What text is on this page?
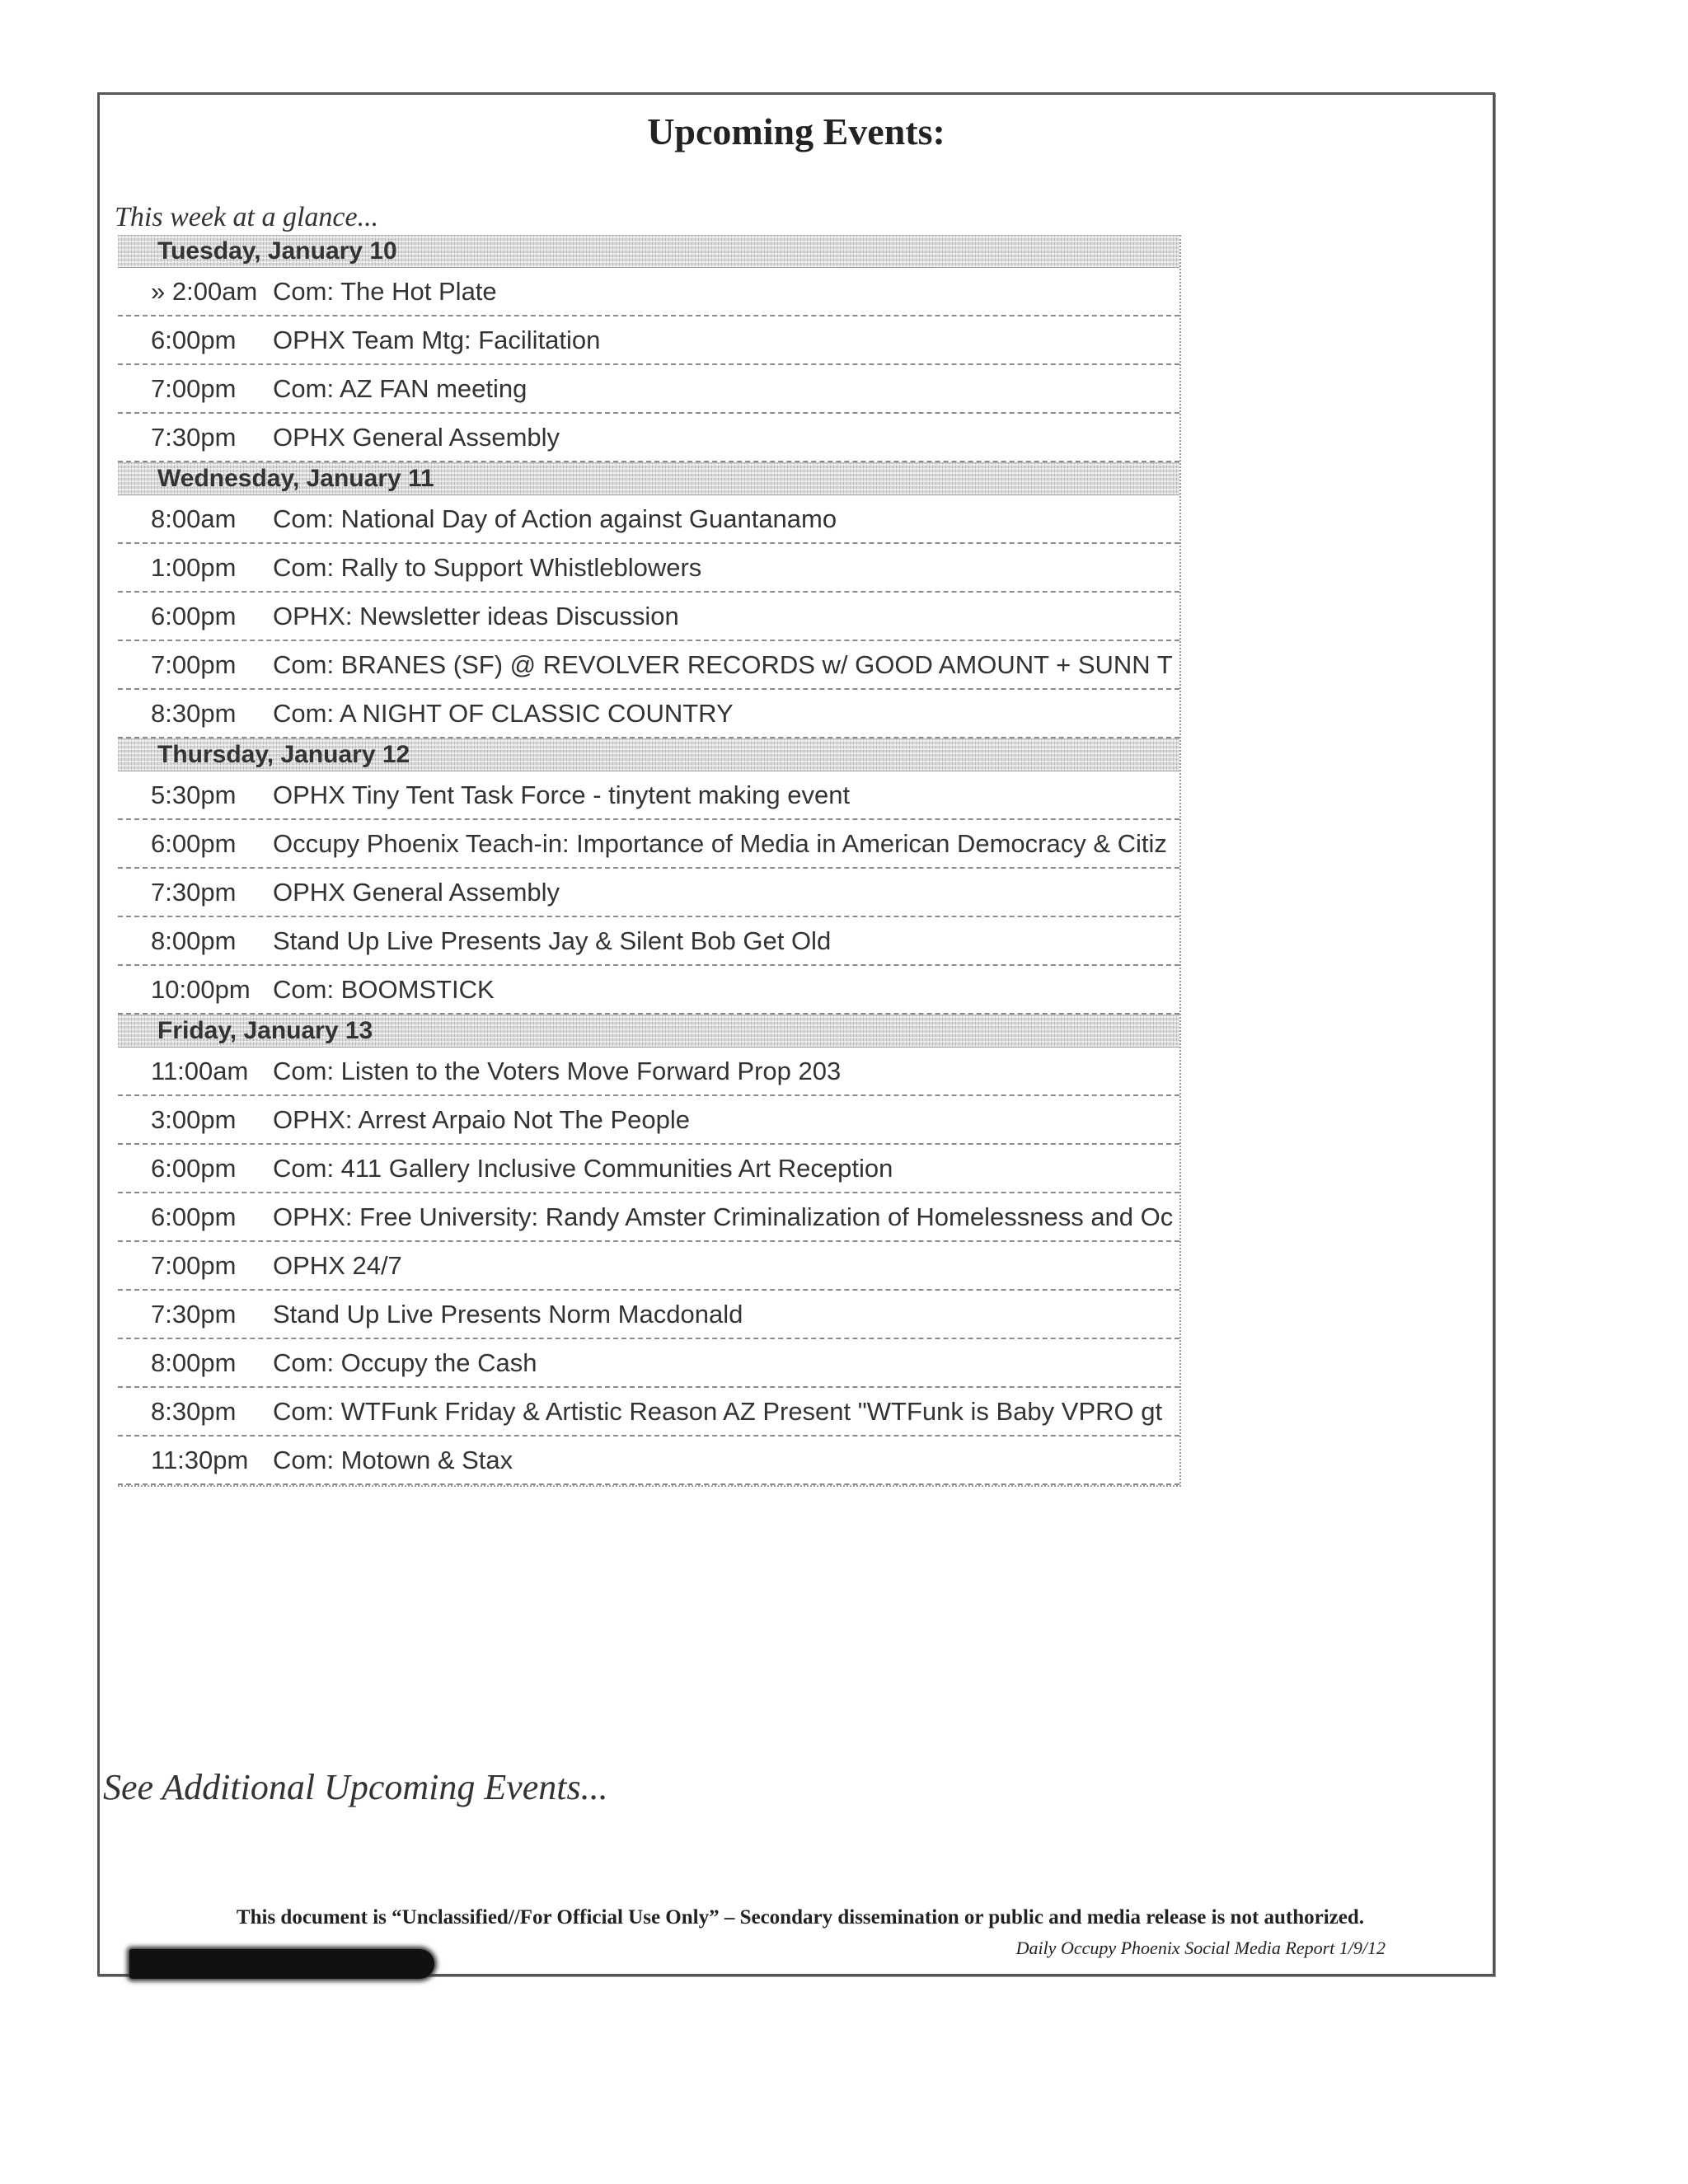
Upcoming Events:
This week at a glance...
Tuesday, January 10
» 2:00am Com: The Hot Plate
6:00pm	OPHX Team Mtg: Facilitation
7:00pm	Com: AZ FAN meeting
7:30pm	OPHX General Assembly
Wednesday, January 11
8:00am	Com: National Day of Action against Guantanamo
1:00pm	Com: Rally to Support Whistleblowers
6:00pm	OPHX: Newsletter ideas Discussion
7:00pm	Com: BRANES (SF) @ REVOLVER RECORDS w/ GOOD AMOUNT + SUNN T
8:30pm	Com: A NIGHT OF CLASSIC COUNTRY
Thursday, January 12
5:30pm	OPHX Tiny Tent Task Force - tinytent making event
6:00pm	Occupy Phoenix Teach-in: Importance of Media in American Democracy & Citiz
7:30pm	OPHX General Assembly
8:00pm	Stand Up Live Presents Jay & Silent Bob Get Old
10:00pm Com: BOOMSTICK
Friday, January 13
11:00am Com: Listen to the Voters Move Forward Prop 203
3:00pm	OPHX: Arrest Arpaio Not The People
6:00pm	Com: 411 Gallery Inclusive Communities Art Reception
6:00pm	OPHX: Free University: Randy Amster Criminalization of Homelessness and Oc
7:00pm	OPHX 24/7
7:30pm	Stand Up Live Presents Norm Macdonald
8:00pm	Com: Occupy the Cash
8:30pm	Com: WTFunk Friday & Artistic Reason AZ Present "WTFunk is Baby VPRO gt
11:30pm Com: Motown & Stax
See Additional Upcoming Events...
This document is “Unclassified//For Official Use Only” – Secondary dissemination or public and media release is not authorized.
Daily Occupy Phoenix Social Media Report 1/9/12
